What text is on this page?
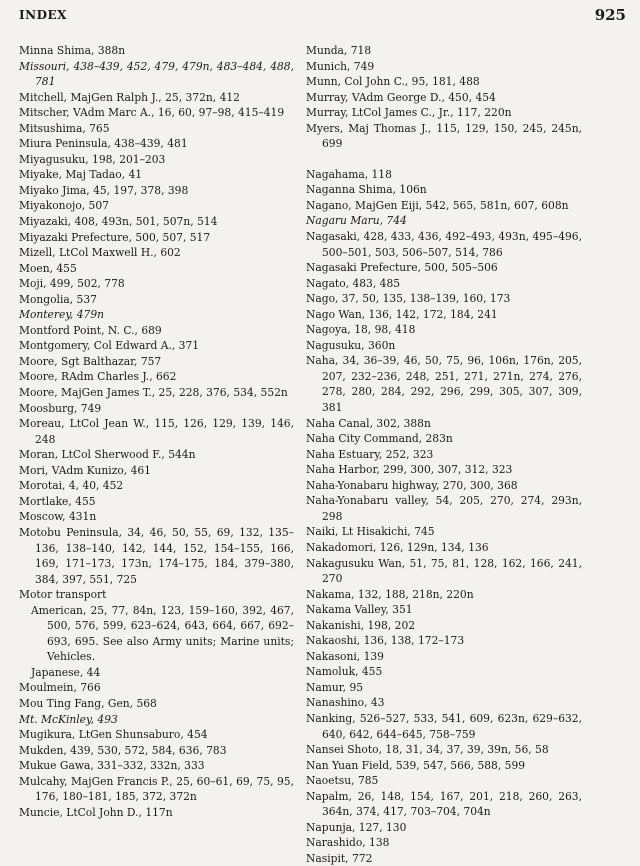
INDEX	925
Minna Shima, 388n
Missouri, 438–439, 452, 479, 479n, 483–484, 488, 781
Mitchell, MajGen Ralph J., 25, 372n, 412
Mitscher, VAdm Marc A., 16, 60, 97–98, 415–419
Mitsushima, 765
Miura Peninsula, 438–439, 481
Miyagusuku, 198, 201–203
Miyake, Maj Tadao, 41
Miyako Jima, 45, 197, 378, 398
Miyakonojo, 507
Miyazaki, 408, 493n, 501, 507n, 514
Miyazaki Prefecture, 500, 507, 517
Mizell, LtCol Maxwell H., 602
Moen, 455
Moji, 499, 502, 778
Mongolia, 537
Monterey, 479n
Montford Point, N. C., 689
Montgomery, Col Edward A., 371
Moore, Sgt Balthazar, 757
Moore, RAdm Charles J., 662
Moore, MajGen James T., 25, 228, 376, 534, 552n
Moosburg, 749
Moreau, LtCol Jean W., 115, 126, 129, 139, 146, 248
Moran, LtCol Sherwood F., 544n
Mori, VAdm Kunizo, 461
Morotai, 4, 40, 452
Mortlake, 455
Moscow, 431n
Motobu Peninsula, 34, 46, 50, 55, 69, 132, 135–136, 138–140, 142, 144, 152, 154–155, 166, 169, 171–173, 173n, 174–175, 184, 379–380, 384, 397, 551, 725
Motor transport
American, 25, 77, 84n, 123, 159–160, 392, 467, 500, 576, 599, 623–624, 643, 664, 667, 692–693, 695. See also Army units; Marine units; Vehicles.
Japanese, 44
Moulmein, 766
Mou Ting Fang, Gen, 568
Mt. McKinley, 493
Mugikura, LtGen Shunsaburo, 454
Mukden, 439, 530, 572, 584, 636, 783
Mukue Gawa, 331–332, 332n, 333
Mulcahy, MajGen Francis P., 25, 60–61, 69, 75, 95, 176, 180–181, 185, 372, 372n
Muncie, LtCol John D., 117n
Munda, 718
Munich, 749
Munn, Col John C., 95, 181, 488
Murray, VAdm George D., 450, 454
Murray, LtCol James C., Jr., 117, 220n
Myers, Maj Thomas J., 115, 129, 150, 245, 245n, 699
Nagahama, 118
Naganna Shima, 106n
Nagano, MajGen Eiji, 542, 565, 581n, 607, 608n
Nagaru Maru, 744
Nagasaki, 428, 433, 436, 492–493, 493n, 495–496, 500–501, 503, 506–507, 514, 786
Nagasaki Prefecture, 500, 505–506
Nagato, 483, 485
Nago, 37, 50, 135, 138–139, 160, 173
Nago Wan, 136, 142, 172, 184, 241
Nagoya, 18, 98, 418
Nagusuku, 360n
Naha, 34, 36–39, 46, 50, 75, 96, 106n, 176n, 205, 207, 232–236, 248, 251, 271, 271n, 274, 276, 278, 280, 284, 292, 296, 299, 305, 307, 309, 381
Naha Canal, 302, 388n
Naha City Command, 283n
Naha Estuary, 252, 323
Naha Harbor, 299, 300, 307, 312, 323
Naha-Yonabaru highway, 270, 300, 368
Naha-Yonabaru valley, 54, 205, 270, 274, 293n, 298
Naiki, Lt Hisakichi, 745
Nakadomori, 126, 129n, 134, 136
Nakagusuku Wan, 51, 75, 81, 128, 162, 166, 241, 270
Nakama, 132, 188, 218n, 220n
Nakama Valley, 351
Nakanishi, 198, 202
Nakaoshi, 136, 138, 172–173
Nakasoni, 139
Namoluk, 455
Namur, 95
Nanashino, 43
Nanking, 526–527, 533, 541, 609, 623n, 629–632, 640, 642, 644–645, 758–759
Nansei Shoto, 18, 31, 34, 37, 39, 39n, 56, 58
Nan Yuan Field, 539, 547, 566, 588, 599
Naoetsu, 785
Napalm, 26, 148, 154, 167, 201, 218, 260, 263, 364n, 374, 417, 703–704, 704n
Napunja, 127, 130
Narashido, 138
Nasipit, 772
